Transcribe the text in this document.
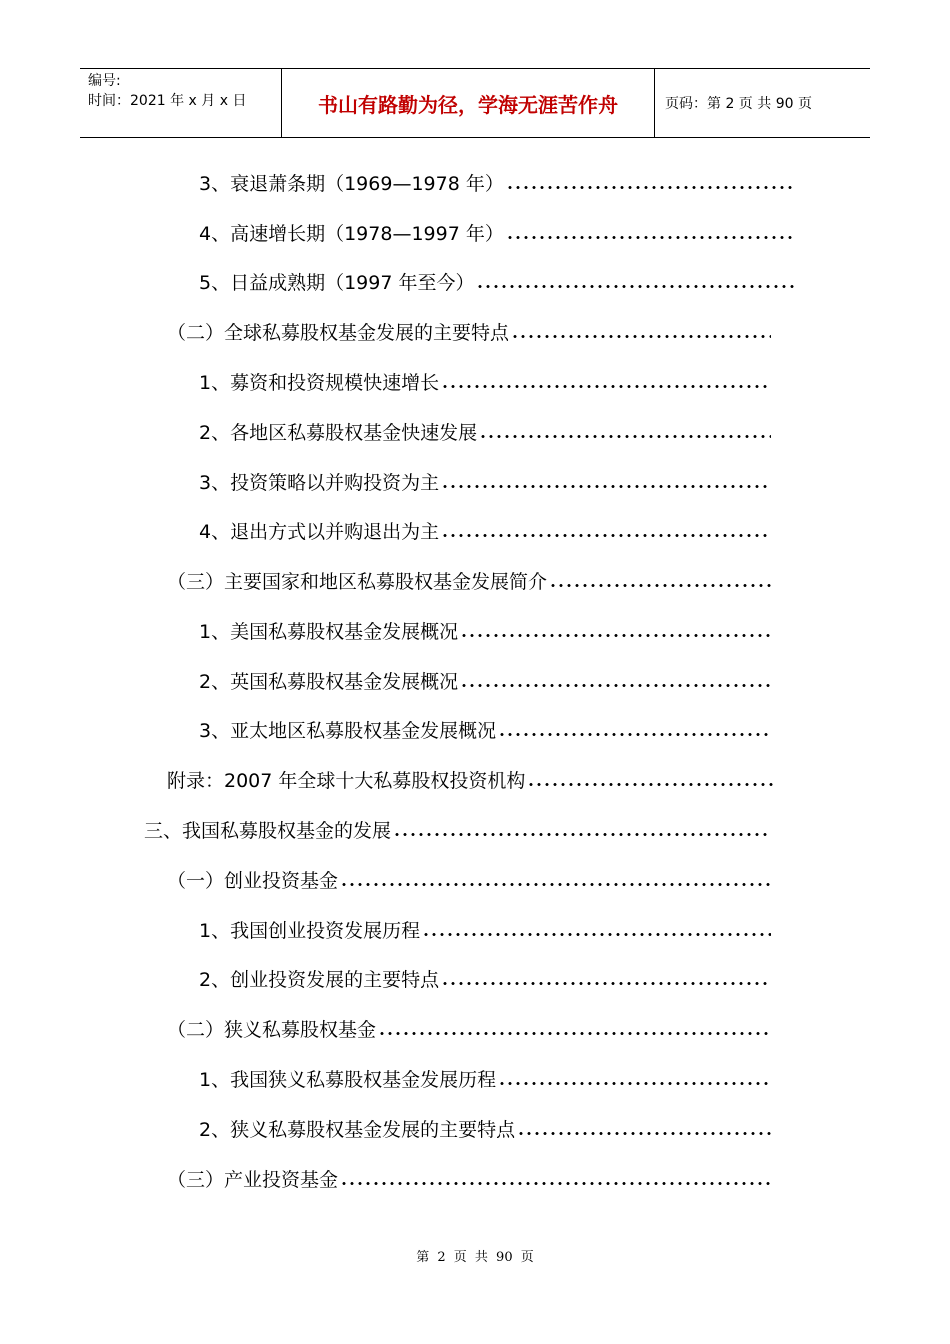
编号:
时间：2021 年 x 月 x 日	书山有路勤为径，学海无涯苦作舟	页码：第 2 页 共 90 页
3、衰退萧条期（1969—1978 年）
4、高速增长期（1978—1997 年）
5、日益成熟期（1997 年至今）
（二）全球私募股权基金发展的主要特点
1、募资和投资规模快速增长
2、各地区私募股权基金快速发展
3、投资策略以并购投资为主
4、退出方式以并购退出为主
（三）主要国家和地区私募股权基金发展简介
1、美国私募股权基金发展概况
2、英国私募股权基金发展概况
3、亚太地区私募股权基金发展概况
附录：2007 年全球十大私募股权投资机构
三、我国私募股权基金的发展
（一）创业投资基金
1、我国创业投资发展历程
2、创业投资发展的主要特点
（二）狭义私募股权基金
1、我国狭义私募股权基金发展历程
2、狭义私募股权基金发展的主要特点
（三）产业投资基金
第 2 页 共 90 页
